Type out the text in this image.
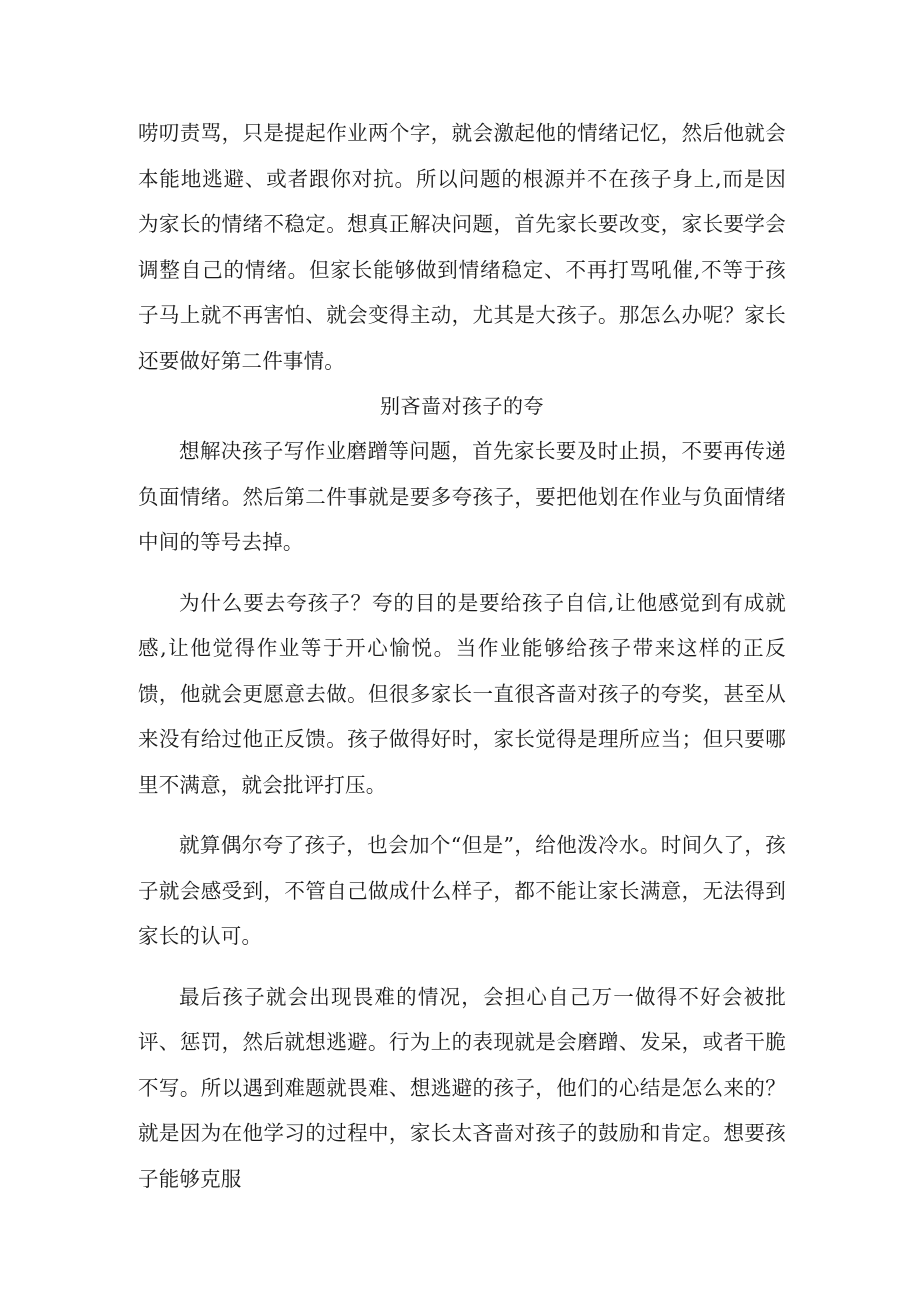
唠叨责骂，只是提起作业两个字，就会激起他的情绪记忆，然后他就会本能地逃避、或者跟你对抗。所以问题的根源并不在孩子身上,而是因为家长的情绪不稳定。想真正解决问题，首先家长要改变，家长要学会调整自己的情绪。但家长能够做到情绪稳定、不再打骂吼催,不等于孩子马上就不再害怕、就会变得主动，尤其是大孩子。那怎么办呢？家长还要做好第二件事情。

别吝啬对孩子的夸

想解决孩子写作业磨蹭等问题，首先家长要及时止损，不要再传递负面情绪。然后第二件事就是要多夸孩子，要把他划在作业与负面情绪中间的等号去掉。

为什么要去夸孩子？夸的目的是要给孩子自信,让他感觉到有成就感,让他觉得作业等于开心愉悦。当作业能够给孩子带来这样的正反馈，他就会更愿意去做。但很多家长一直很吝啬对孩子的夸奖，甚至从来没有给过他正反馈。孩子做得好时，家长觉得是理所应当；但只要哪里不满意，就会批评打压。

就算偶尔夸了孩子，也会加个“但是”，给他泼冷水。时间久了，孩子就会感受到，不管自己做成什么样子，都不能让家长满意，无法得到家长的认可。

最后孩子就会出现畏难的情况，会担心自己万一做得不好会被批评、惩罚，然后就想逃避。行为上的表现就是会磨蹭、发呆，或者干脆不写。所以遇到难题就畏难、想逃避的孩子，他们的心结是怎么来的？就是因为在他学习的过程中，家长太吝啬对孩子的鼓励和肯定。想要孩子能够克服
